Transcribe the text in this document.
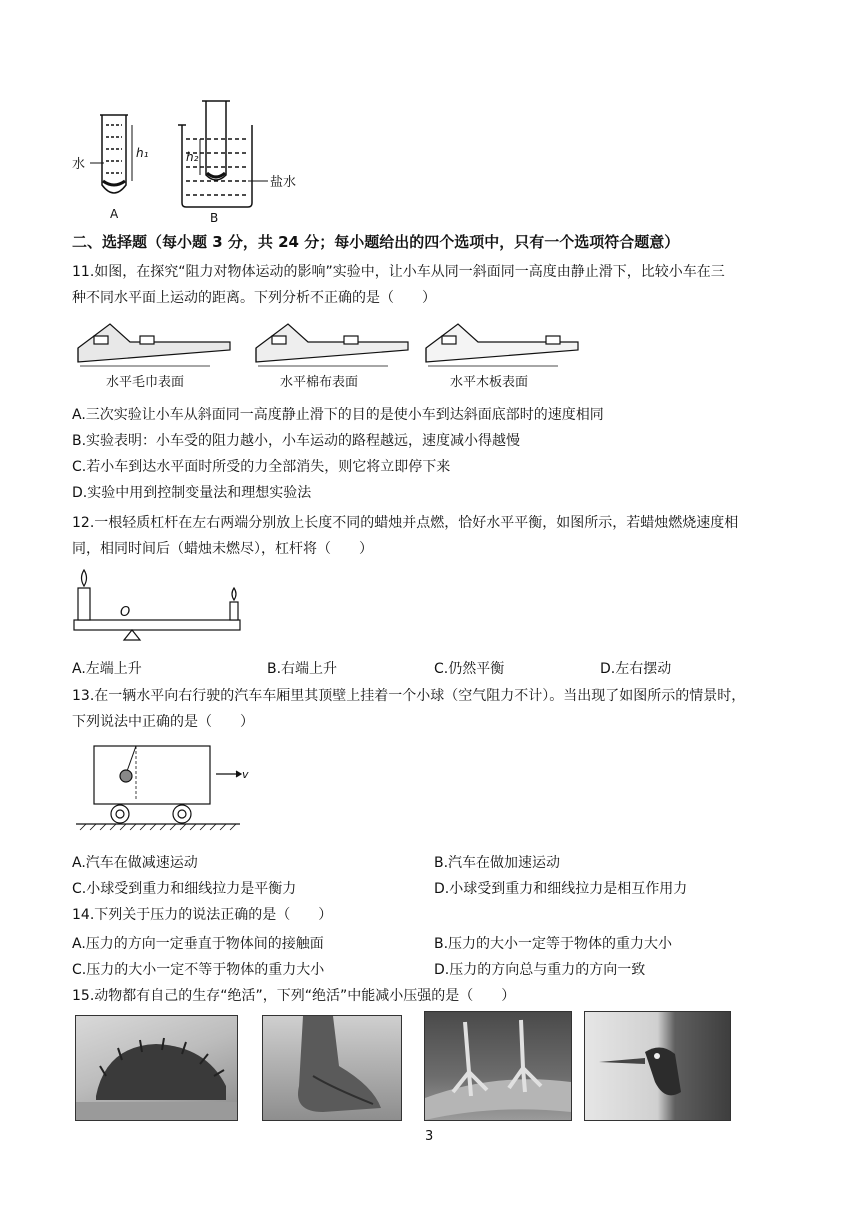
水
h₁
A
h₂
盐水
B
二、选择题（每小题 3 分，共 24 分；每小题给出的四个选项中，只有一个选项符合题意）
11.如图，在探究“阻力对物体运动的影响”实验中，让小车从同一斜面同一高度由静止滑下，比较小车在三
种不同水平面上运动的距离。下列分析不正确的是（　　）
水平毛巾表面	水平棉布表面	水平木板表面
A.三次实验让小车从斜面同一高度静止滑下的目的是使小车到达斜面底部时的速度相同
B.实验表明：小车受的阻力越小，小车运动的路程越远，速度减小得越慢
C.若小车到达水平面时所受的力全部消失，则它将立即停下来
D.实验中用到控制变量法和理想实验法
12.一根轻质杠杆在左右两端分别放上长度不同的蜡烛并点燃，恰好水平平衡，如图所示，若蜡烛燃烧速度相
同，相同时间后（蜡烛未燃尽），杠杆将（　　）
O
A.左端上升	B.右端上升	C.仍然平衡	D.左右摆动
13.在一辆水平向右行驶的汽车车厢里其顶壁上挂着一个小球（空气阻力不计）。当出现了如图所示的情景时，
下列说法中正确的是（　　）
v
A.汽车在做减速运动	B.汽车在做加速运动
C.小球受到重力和细线拉力是平衡力	D.小球受到重力和细线拉力是相互作用力
14.下列关于压力的说法正确的是（　　）
A.压力的方向一定垂直于物体间的接触面	B.压力的大小一定等于物体的重力大小
C.压力的大小一定不等于物体的重力大小	D.压力的方向总与重力的方向一致
15.动物都有自己的生存“绝活”，下列“绝活”中能减小压强的是（　　）
3
